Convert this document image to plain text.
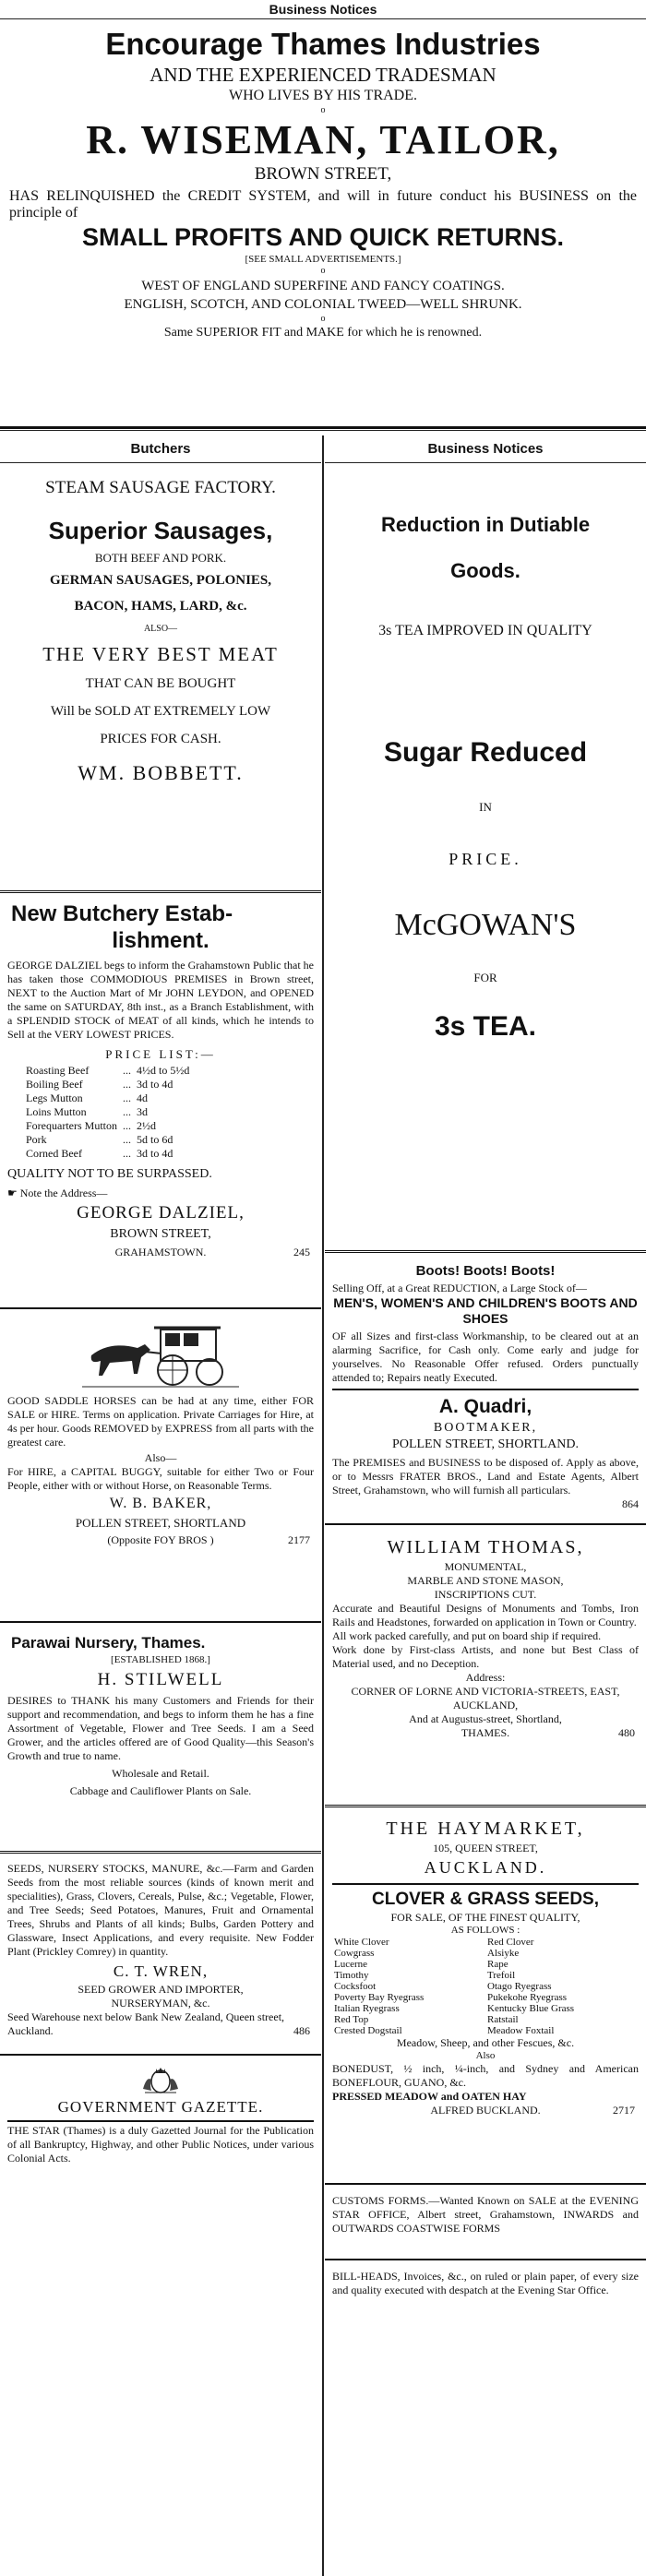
Business Notices
Encourage Thames Industries
AND THE EXPERIENCED TRADESMAN
WHO LIVES BY HIS TRADE.
o
R. WISEMAN, TAILOR,
BROWN STREET,
HAS RELINQUISHED the CREDIT SYSTEM, and will in future conduct his BUSINESS on the principle of
SMALL PROFITS AND QUICK RETURNS.
[SEE SMALL ADVERTISEMENTS.]
o
WEST OF ENGLAND SUPERFINE AND FANCY COATINGS.
ENGLISH, SCOTCH, AND COLONIAL TWEED—WELL SHRUNK.
o
Same SUPERIOR FIT and MAKE for which he is renowned.
Butchers
STEAM SAUSAGE FACTORY.
Superior Sausages,
BOTH BEEF AND PORK.
GERMAN SAUSAGES, POLONIES,
BACON, HAMS, LARD, &c.
ALSO—
THE VERY BEST MEAT
THAT CAN BE BOUGHT
Will be SOLD AT EXTREMELY LOW
PRICES FOR CASH.
WM. BOBBETT.
New Butchery Estab-
lishment.
GEORGE DALZIEL begs to inform the Grahamstown Public that he has taken those COMMODIOUS PREMISES in Brown street, NEXT to the Auction Mart of Mr JOHN LEYDON, and OPENED the same on SATURDAY, 8th inst., as a Branch Establishment, with a SPLENDID STOCK of MEAT of all kinds, which he intends to Sell at the VERY LOWEST PRICES.
PRICE LIST:—
Roasting Beef	...	4½d to 5½d
Boiling Beef	...	3d to 4d
Legs Mutton	...	4d
Loins Mutton	...	3d
Forequarters Mutton	...	2½d
Pork	...	5d to 6d
Corned Beef	...	3d to 4d
QUALITY NOT TO BE SURPASSED.
☛ Note the Address—
GEORGE DALZIEL,
BROWN STREET,
GRAHAMSTOWN.	245
GOOD SADDLE HORSES can be had at any time, either FOR SALE or HIRE. Terms on application. Private Carriages for Hire, at 4s per hour. Goods REMOVED by EXPRESS from all parts with the greatest care.
Also—
For HIRE, a CAPITAL BUGGY, suitable for either Two or Four People, either with or without Horse, on Reasonable Terms.
W. B. BAKER,
POLLEN STREET, SHORTLAND
(Opposite FOY BROS )	2177
Parawai Nursery, Thames.
[ESTABLISHED 1868.]
H. STILWELL
DESIRES to THANK his many Customers and Friends for their support and recommendation, and begs to inform them he has a fine Assortment of Vegetable, Flower and Tree Seeds. I am a Seed Grower, and the articles offered are of Good Quality—this Season's Growth and true to name.
Wholesale and Retail.
Cabbage and Cauliflower Plants on Sale.
SEEDS, NURSERY STOCKS, MANURE, &c.—Farm and Garden Seeds from the most reliable sources (kinds of known merit and specialities), Grass, Clovers, Cereals, Pulse, &c.; Vegetable, Flower, and Tree Seeds; Seed Potatoes, Manures, Fruit and Ornamental Trees, Shrubs and Plants of all kinds; Bulbs, Garden Pottery and Glassware, Insect Applications, and every requisite. New Fodder Plant (Prickley Comrey) in quantity.
C. T. WREN,
SEED GROWER AND IMPORTER,
NURSERYMAN, &c.
Seed Warehouse next below Bank New Zealand, Queen street, Auckland.	486
GOVERNMENT GAZETTE.
THE STAR (Thames) is a duly Gazetted Journal for the Publication of all Bankruptcy, Highway, and other Public Notices, under various Colonial Acts.
Business Notices
Reduction in Dutiable
Goods.
3s TEA IMPROVED IN QUALITY
Sugar Reduced
IN
PRICE.
McGOWAN'S
FOR
3s TEA.
Boots! Boots! Boots!
Selling Off, at a Great REDUCTION, a Large Stock of—
MEN'S, WOMEN'S AND CHILDREN'S BOOTS AND SHOES
OF all Sizes and first-class Workmanship, to be cleared out at an alarming Sacrifice, for Cash only. Come early and judge for yourselves. No Reasonable Offer refused. Orders punctually attended to; Repairs neatly Executed.
A. Quadri,
BOOTMAKER,
POLLEN STREET, SHORTLAND.
The PREMISES and BUSINESS to be disposed of. Apply as above, or to Messrs FRATER BROS., Land and Estate Agents, Albert Street, Grahamstown, who will furnish all particulars.
864
WILLIAM THOMAS,
MONUMENTAL,
MARBLE AND STONE MASON,
INSCRIPTIONS CUT.
Accurate and Beautiful Designs of Monuments and Tombs, Iron Rails and Headstones, forwarded on application in Town or Country.
All work packed carefully, and put on board ship if required.
Work done by First-class Artists, and none but Best Class of Material used, and no Deception.
Address:
CORNER OF LORNE AND VICTORIA-STREETS, EAST, AUCKLAND,
And at Augustus-street, Shortland,
THAMES.	480
THE HAYMARKET,
105, QUEEN STREET,
AUCKLAND.
CLOVER & GRASS SEEDS,
FOR SALE, OF THE FINEST QUALITY,
AS FOLLOWS :
White Clover	Red Clover
Cowgrass	Alsiyke
Lucerne	Rape
Timothy	Trefoil
Cocksfoot	Otago Ryegrass
Poverty Bay Ryegrass	Pukekohe Ryegrass
Italian Ryegrass	Kentucky Blue Grass
Red Top	Ratstail
Crested Dogstail	Meadow Foxtail
Meadow, Sheep, and other Fescues, &c.
Also
BONEDUST, ½ inch, ¼-inch, and Sydney and American BONEFLOUR, GUANO, &c.
PRESSED MEADOW and OATEN HAY
ALFRED BUCKLAND.	2717
CUSTOMS FORMS.—Wanted Known on SALE at the EVENING STAR OFFICE, Albert street, Grahamstown, INWARDS and OUTWARDS COASTWISE FORMS
BILL-HEADS, Invoices, &c., on ruled or plain paper, of every size and quality executed with despatch at the Evening Star Office.
